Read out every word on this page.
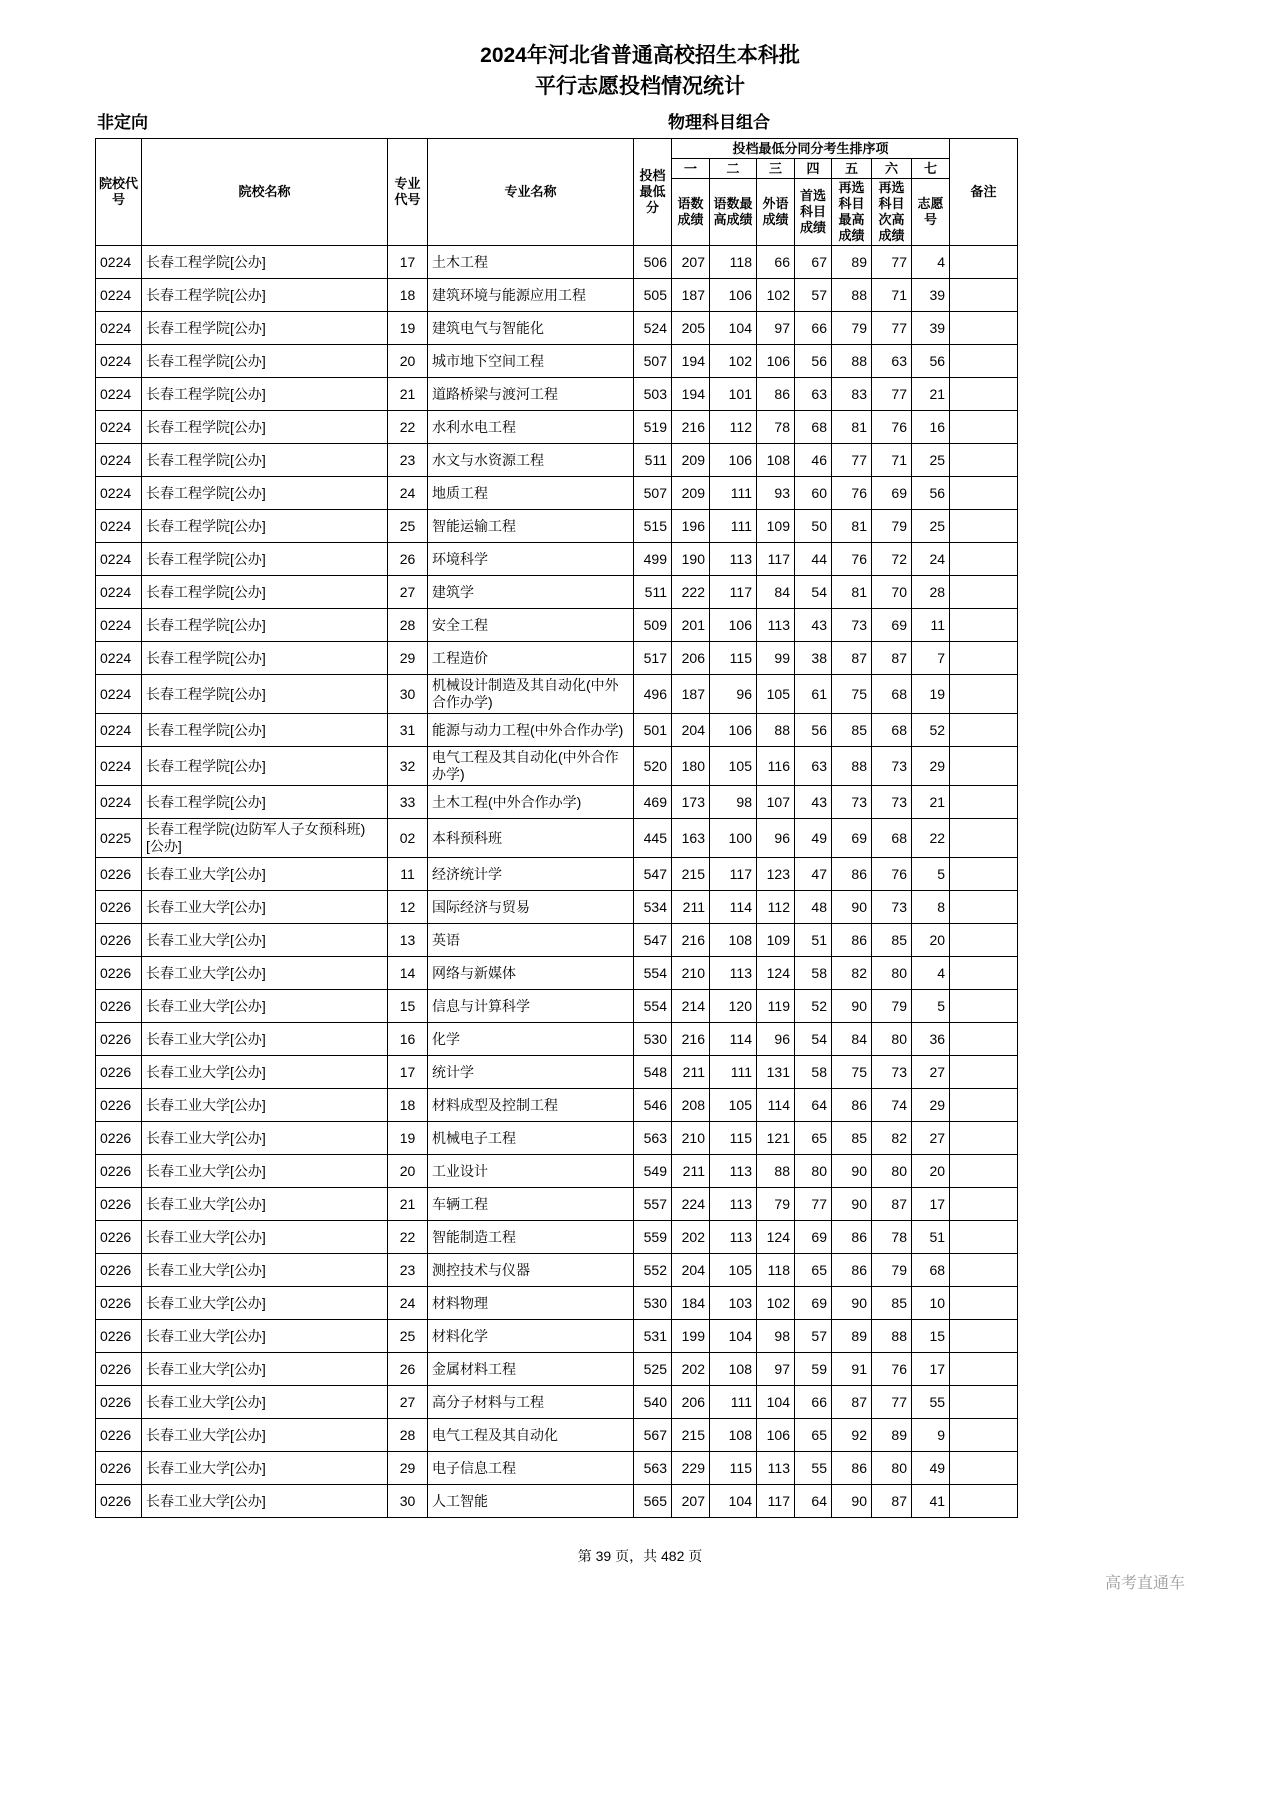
2024年河北省普通高校招生本科批
平行志愿投档情况统计
非定向	物理科目组合
院校代号	院校名称	专业代号	专业名称	投档最低分	投档最低分同分考生排序项							备注
					一	二	三	四	五	六	七	
					语数成绩	语数最高成绩	外语成绩	首选科目成绩	再选科目最高成绩	再选科目次高成绩	志愿号	
0224	长春工程学院[公办]	17	土木工程	506	207	118	66	67	89	77	4	
0224	长春工程学院[公办]	18	建筑环境与能源应用工程	505	187	106	102	57	88	71	39	
0224	长春工程学院[公办]	19	建筑电气与智能化	524	205	104	97	66	79	77	39	
0224	长春工程学院[公办]	20	城市地下空间工程	507	194	102	106	56	88	63	56	
0224	长春工程学院[公办]	21	道路桥梁与渡河工程	503	194	101	86	63	83	77	21	
0224	长春工程学院[公办]	22	水利水电工程	519	216	112	78	68	81	76	16	
0224	长春工程学院[公办]	23	水文与水资源工程	511	209	106	108	46	77	71	25	
0224	长春工程学院[公办]	24	地质工程	507	209	111	93	60	76	69	56	
0224	长春工程学院[公办]	25	智能运输工程	515	196	111	109	50	81	79	25	
0224	长春工程学院[公办]	26	环境科学	499	190	113	117	44	76	72	24	
0224	长春工程学院[公办]	27	建筑学	511	222	117	84	54	81	70	28	
0224	长春工程学院[公办]	28	安全工程	509	201	106	113	43	73	69	11	
0224	长春工程学院[公办]	29	工程造价	517	206	115	99	38	87	87	7	
0224	长春工程学院[公办]	30	机械设计制造及其自动化(中外合作办学)	496	187	96	105	61	75	68	19	
0224	长春工程学院[公办]	31	能源与动力工程(中外合作办学)	501	204	106	88	56	85	68	52	
0224	长春工程学院[公办]	32	电气工程及其自动化(中外合作办学)	520	180	105	116	63	88	73	29	
0224	长春工程学院[公办]	33	土木工程(中外合作办学)	469	173	98	107	43	73	73	21	
0225	长春工程学院(边防军人子女预科班)[公办]	02	本科预科班	445	163	100	96	49	69	68	22	
0226	长春工业大学[公办]	11	经济统计学	547	215	117	123	47	86	76	5	
0226	长春工业大学[公办]	12	国际经济与贸易	534	211	114	112	48	90	73	8	
0226	长春工业大学[公办]	13	英语	547	216	108	109	51	86	85	20	
0226	长春工业大学[公办]	14	网络与新媒体	554	210	113	124	58	82	80	4	
0226	长春工业大学[公办]	15	信息与计算科学	554	214	120	119	52	90	79	5	
0226	长春工业大学[公办]	16	化学	530	216	114	96	54	84	80	36	
0226	长春工业大学[公办]	17	统计学	548	211	111	131	58	75	73	27	
0226	长春工业大学[公办]	18	材料成型及控制工程	546	208	105	114	64	86	74	29	
0226	长春工业大学[公办]	19	机械电子工程	563	210	115	121	65	85	82	27	
0226	长春工业大学[公办]	20	工业设计	549	211	113	88	80	90	80	20	
0226	长春工业大学[公办]	21	车辆工程	557	224	113	79	77	90	87	17	
0226	长春工业大学[公办]	22	智能制造工程	559	202	113	124	69	86	78	51	
0226	长春工业大学[公办]	23	测控技术与仪器	552	204	105	118	65	86	79	68	
0226	长春工业大学[公办]	24	材料物理	530	184	103	102	69	90	85	10	
0226	长春工业大学[公办]	25	材料化学	531	199	104	98	57	89	88	15	
0226	长春工业大学[公办]	26	金属材料工程	525	202	108	97	59	91	76	17	
0226	长春工业大学[公办]	27	高分子材料与工程	540	206	111	104	66	87	77	55	
0226	长春工业大学[公办]	28	电气工程及其自动化	567	215	108	106	65	92	89	9	
0226	长春工业大学[公办]	29	电子信息工程	563	229	115	113	55	86	80	49	
0226	长春工业大学[公办]	30	人工智能	565	207	104	117	64	90	87	41	
第 39 页，共 482 页
高考直通车
